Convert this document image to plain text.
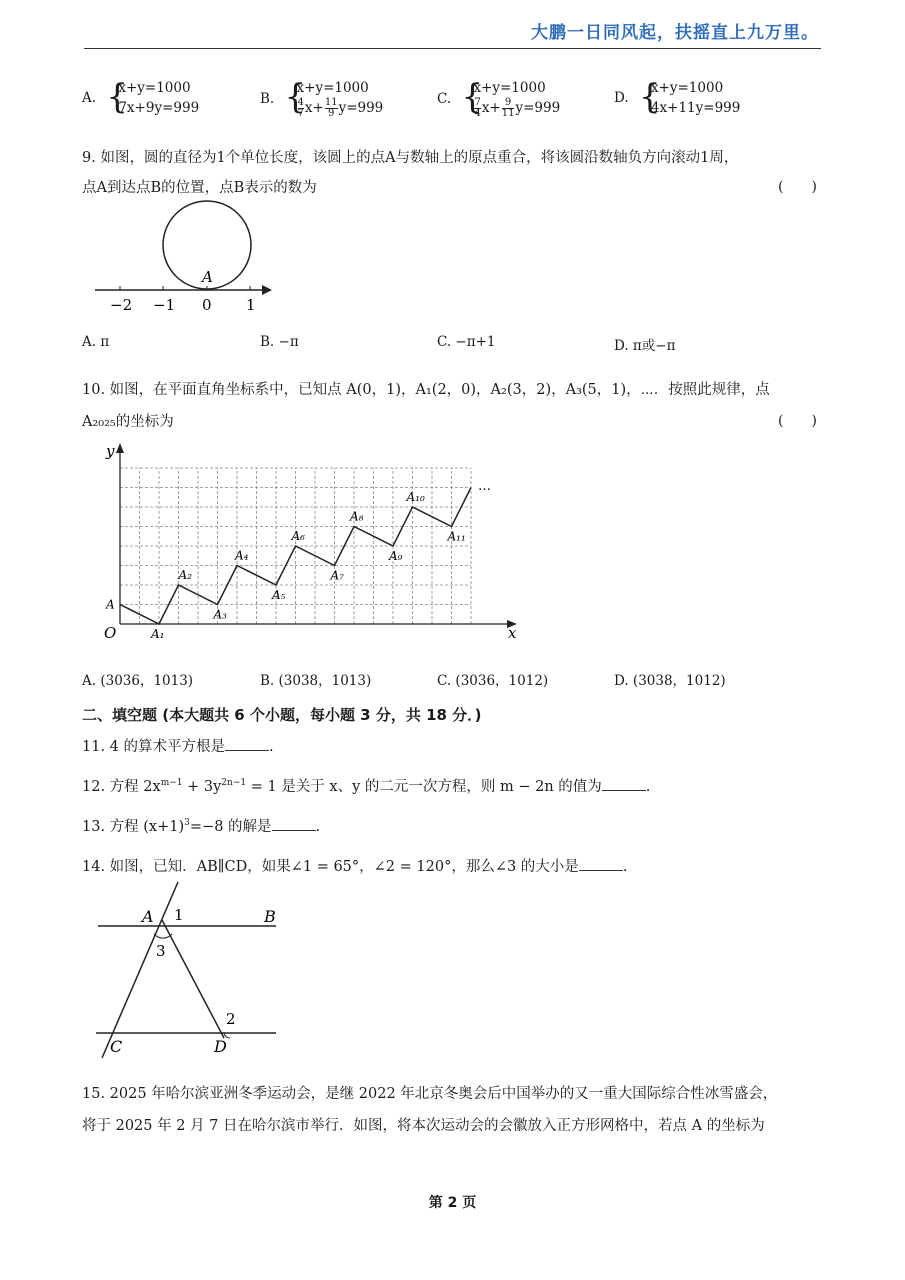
大鹏一日同风起，扶摇直上九万里。
A. { x+y=1000
7x+9y=999
B. { x+y=1000

$\frac{4}{7} x+ \frac{11}{9} y=999$
C. { x+y=1000

$\frac{7}{4} x+ \frac{9}{11} y=999$
D. { x+y=1000
4x+11y=999
9. 如图，圆的直径为1个单位长度，该圆上的点A与数轴上的原点重合，将该圆沿数轴负方向滚动1周，
点A到达点B的位置，点B表示的数为	(　　)
A
−2 −1 0 1
A. π	B. −π	C. −π+1	D. π或−π
10. 如图，在平面直角坐标系中，已知点 A(0，1)，A₁(2，0)，A₂(3，2)，A₃(5，1)，⋯．按照此规律，点
A₂₀₂₅的坐标为	(　　)
y
x
O
…
A
A₁
A₂
A₃
A₄
A₅
A₆
A₇
A₈
A₉
A₁₀
A₁₁
A. (3036，1013)	B. (3038，1013)	C. (3036，1012)	D. (3038，1012)
二、填空题 (本大题共 6 个小题，每小题 3 分，共 18 分．)
11. 4 的算术平方根是	.
12. 方程 $2x^{m-1} + 3y^{2n-1} = 1$ 是关于 x、y 的二元一次方程，则 m − 2n 的值为	.
13. 方程 $(x+1)^3=-8$ 的解是	.
14. 如图，已知．AB∥CD，如果∠1 = 65°，∠2 = 120°，那么∠3 的大小是	.
A 1	B
3
2
C	D
15. 2025 年哈尔滨亚洲冬季运动会，是继 2022 年北京冬奥会后中国举办的又一重大国际综合性冰雪盛会，
将于 2025 年 2 月 7 日在哈尔滨市举行．如图，将本次运动会的会徽放入正方形网格中，若点 A 的坐标为
第 2 页
